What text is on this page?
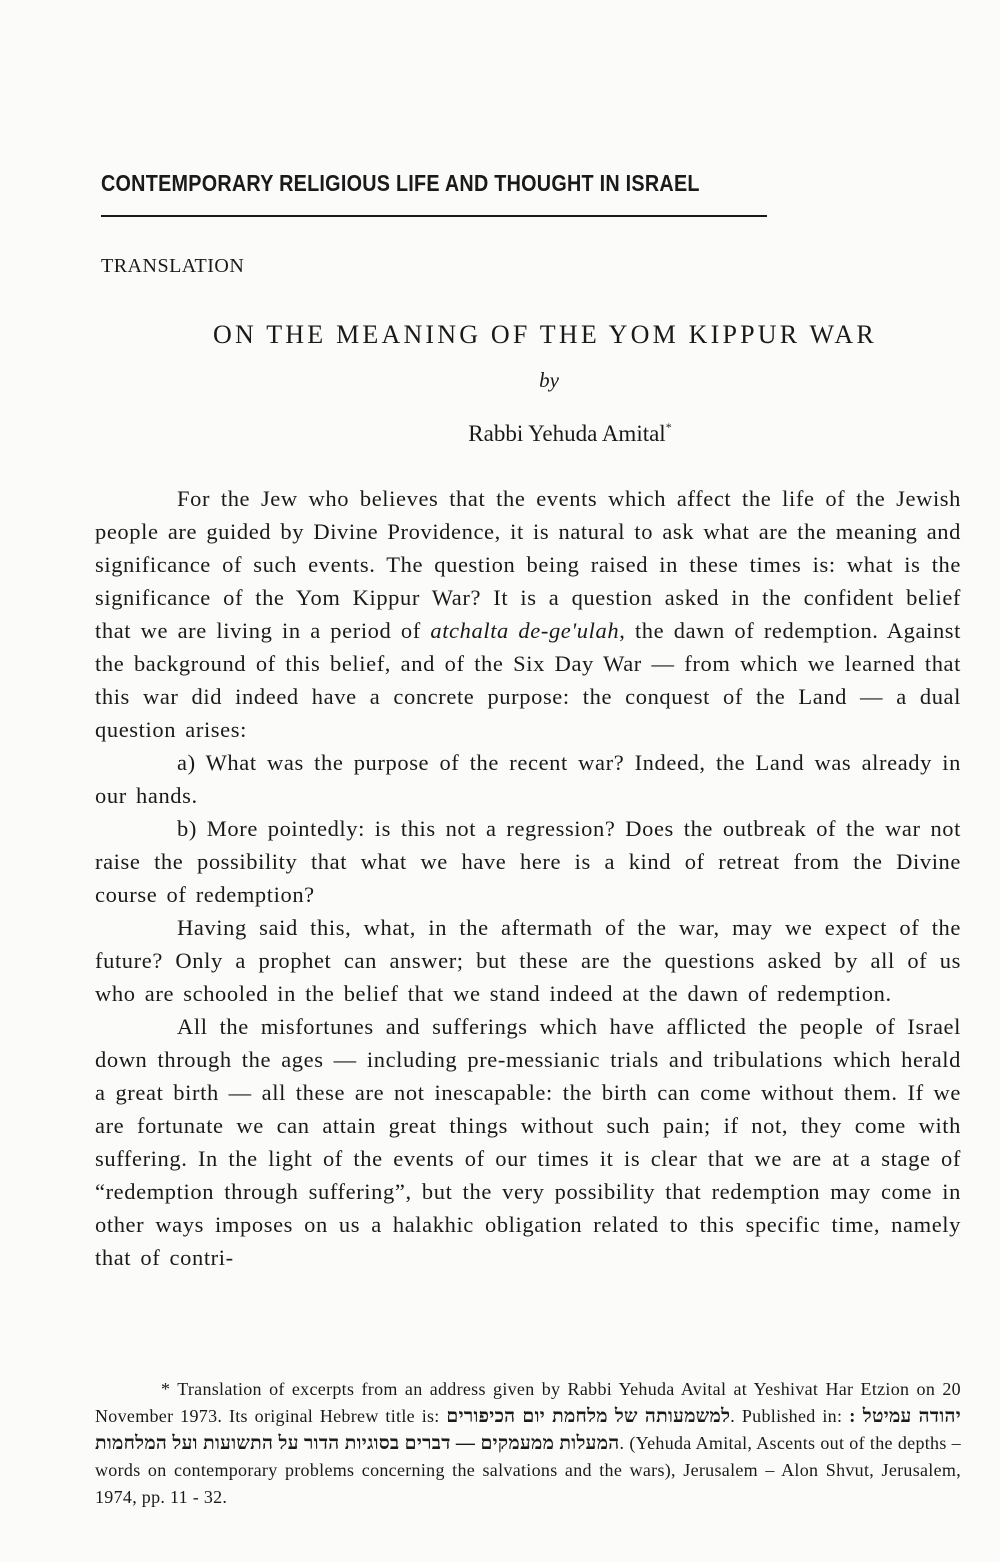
CONTEMPORARY RELIGIOUS LIFE AND THOUGHT IN ISRAEL
TRANSLATION
ON THE MEANING OF THE YOM KIPPUR WAR
by
Rabbi Yehuda Amital*

For the Jew who believes that the events which affect the life of the Jewish people are guided by Divine Providence, it is natural to ask what are the meaning and significance of such events. The question being raised in these times is: what is the significance of the Yom Kippur War? It is a question asked in the confident belief that we are living in a period of atchalta de-ge'ulah, the dawn of redemption. Against the background of this belief, and of the Six Day War — from which we learned that this war did indeed have a concrete purpose: the conquest of the Land — a dual question arises:

a) What was the purpose of the recent war? Indeed, the Land was already in our hands.

b) More pointedly: is this not a regression? Does the outbreak of the war not raise the possibility that what we have here is a kind of retreat from the Divine course of redemption?

Having said this, what, in the aftermath of the war, may we expect of the future? Only a prophet can answer; but these are the questions asked by all of us who are schooled in the belief that we stand indeed at the dawn of redemption.

All the misfortunes and sufferings which have afflicted the people of Israel down through the ages — including pre-messianic trials and tribulations which herald a great birth — all these are not inescapable: the birth can come without them. If we are fortunate we can attain great things without such pain; if not, they come with suffering. In the light of the events of our times it is clear that we are at a stage of “redemption through suffering”, but the very possibility that redemption may come in other ways imposes on us a halakhic obligation related to this specific time, namely that of contri-

* Translation of excerpts from an address given by Rabbi Yehuda Avital at Yeshivat Har Etzion on 20 November 1973. Its original Hebrew title is: למשמעותה של מלחמת יום הכיפורים. Published in: יהודה עמיטל : המעלות ממעמקים — דברים בסוגיות הדור על התשועות ועל המלחמות. (Yehuda Amital, Ascents out of the depths – words on contemporary problems concerning the salvations and the wars), Jerusalem – Alon Shvut, Jerusalem, 1974, pp. 11 - 32.
